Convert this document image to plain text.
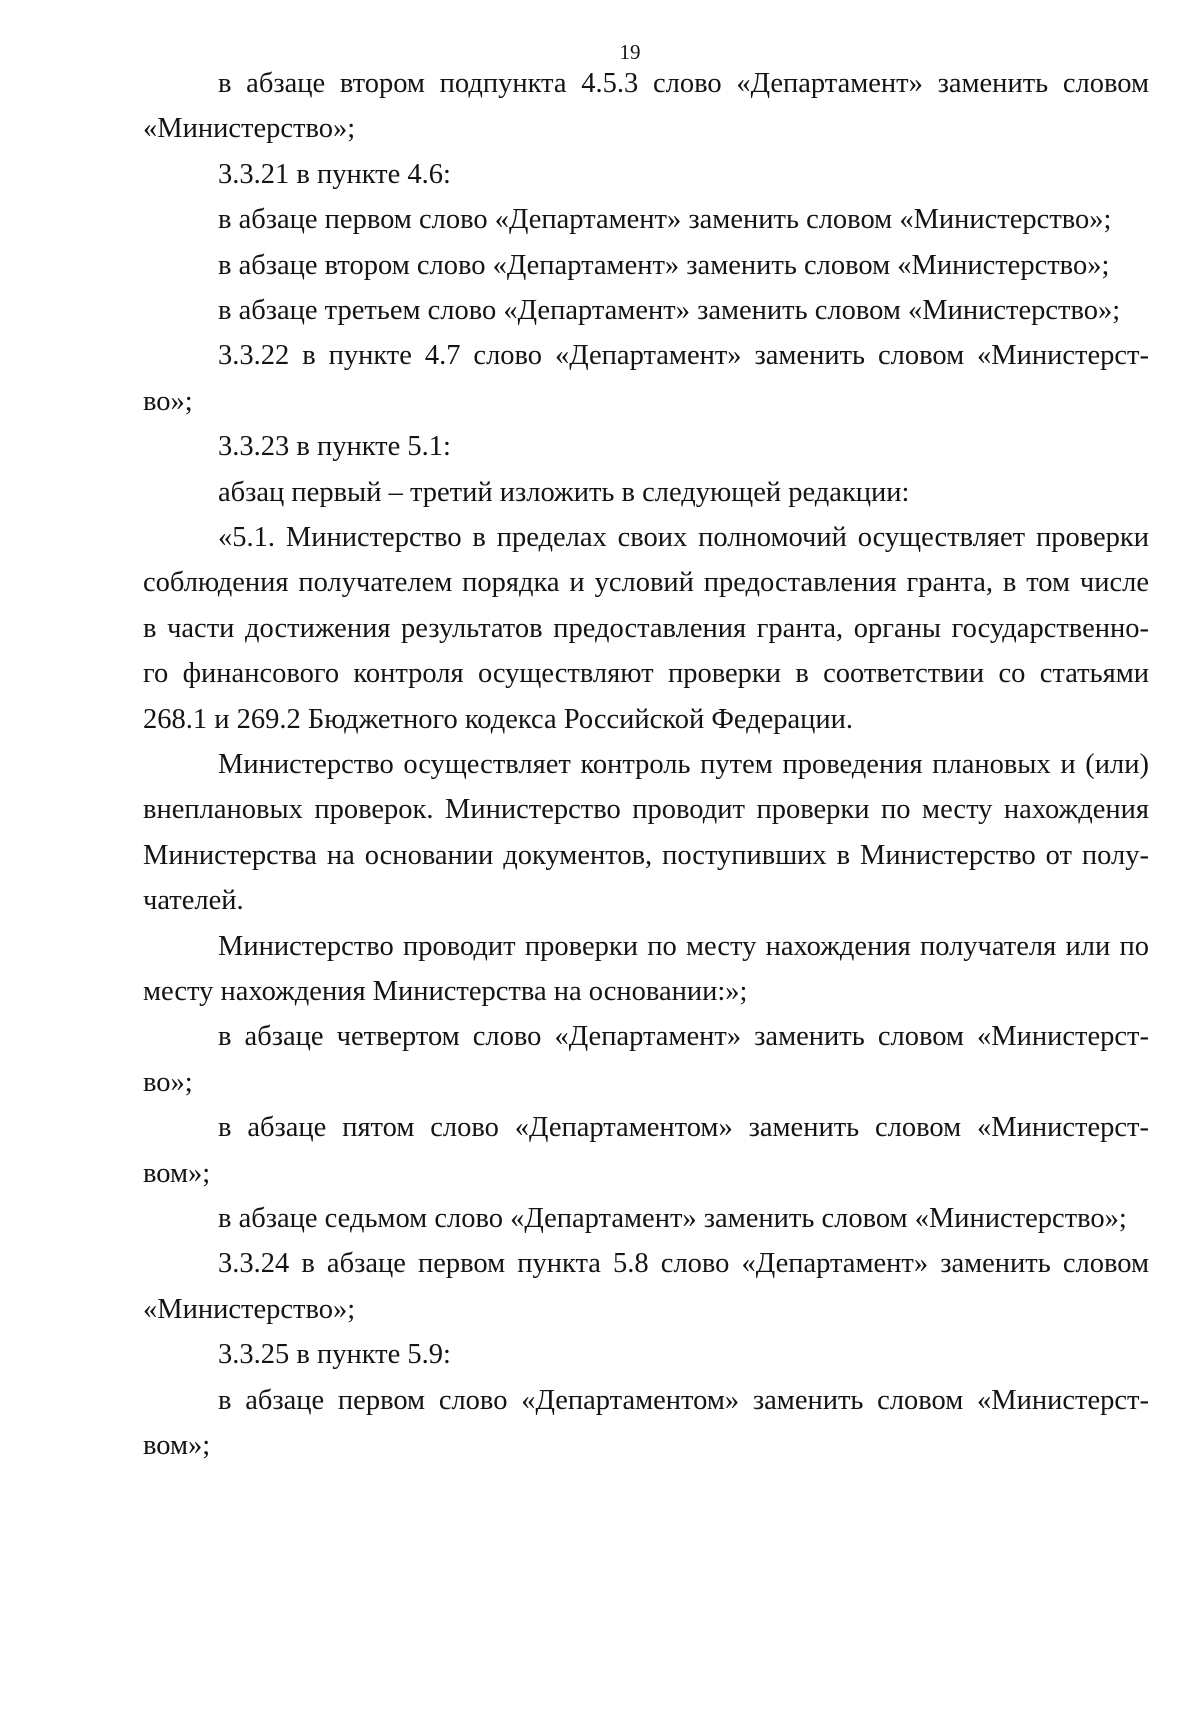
19
в абзаце втором подпункта 4.5.3 слово «Департамент» заменить словом
«Министерство»;
3.3.21 в пункте 4.6:
в абзаце первом слово «Департамент» заменить словом «Министерство»;
в абзаце втором слово «Департамент» заменить словом «Министерство»;
в абзаце третьем слово «Департамент» заменить словом «Министерство»;
3.3.22 в пункте 4.7 слово «Департамент» заменить словом «Министерст-
во»;
3.3.23 в пункте 5.1:
абзац первый – третий изложить в следующей редакции:
«5.1. Министерство в пределах своих полномочий осуществляет проверки
соблюдения получателем порядка и условий предоставления гранта, в том числе
в части достижения результатов предоставления гранта, органы государственно-
го финансового контроля осуществляют проверки в соответствии со статьями
268.1 и 269.2 Бюджетного кодекса Российской Федерации.
Министерство осуществляет контроль путем проведения плановых и (или)
внеплановых проверок. Министерство проводит проверки по месту нахождения
Министерства на основании документов, поступивших в Министерство от полу-
чателей.
Министерство проводит проверки по месту нахождения получателя или по
месту нахождения Министерства на основании:»;
в абзаце четвертом слово «Департамент» заменить словом «Министерст-
во»;
в абзаце пятом слово «Департаментом» заменить словом «Министерст-
вом»;
в абзаце седьмом слово «Департамент» заменить словом «Министерство»;
3.3.24 в абзаце первом пункта 5.8 слово «Департамент» заменить словом
«Министерство»;
3.3.25 в пункте 5.9:
в абзаце первом слово «Департаментом» заменить словом «Министерст-
вом»;
